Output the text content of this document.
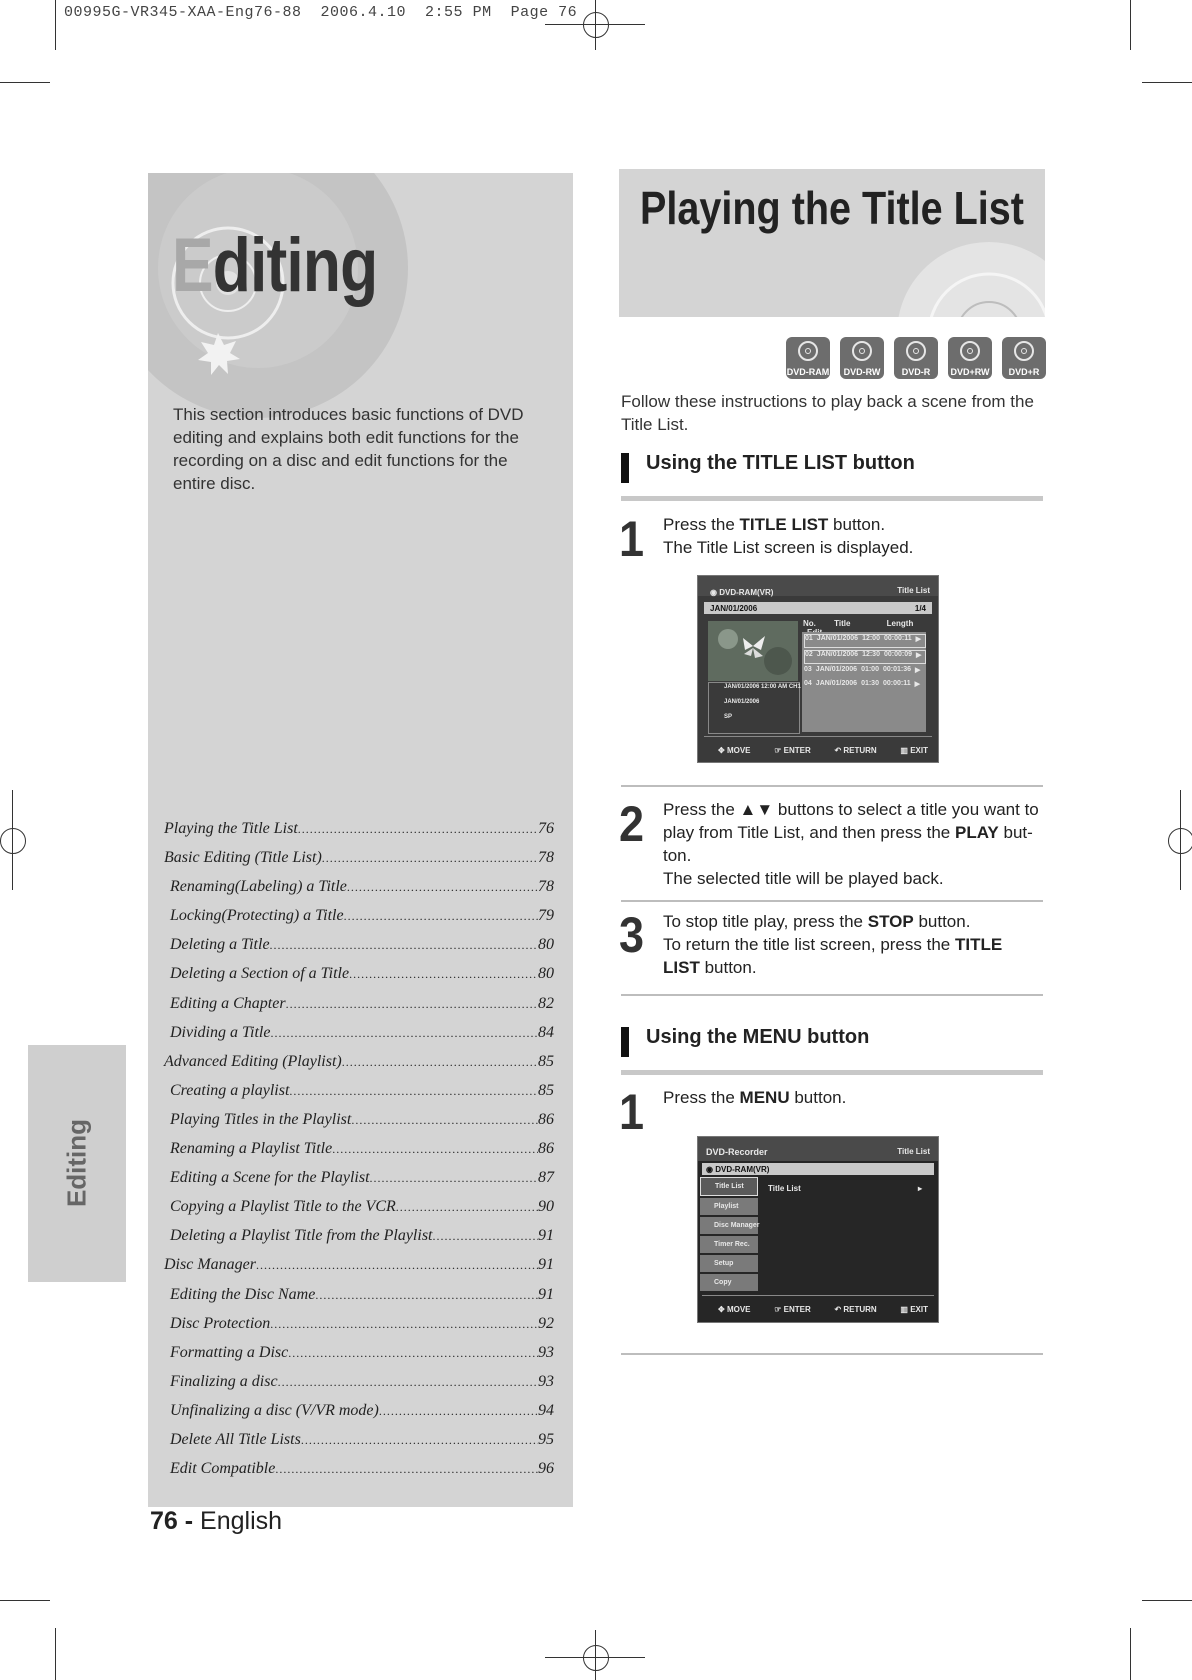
00995G-VR345-XAA-Eng76-88  2006.4.10  2:55 PM  Page 76
Editing
This section introduces basic functions of DVD editing and explains both edit functions for the recording on a disc and edit functions for the entire disc.
Playing the Title List .....	76
Basic Editing (Title List) .....	78
Renaming(Labeling) a Title .....	78
Locking(Protecting) a Title .....	79
Deleting a Title .....	80
Deleting a Section of a Title .....	80
Editing a Chapter .....	82
Dividing a Title .....	84
Advanced Editing (Playlist) .....	85
Creating a playlist .....	85
Playing Titles in the Playlist .....	86
Renaming a Playlist Title .....	86
Editing a Scene for the Playlist .....	87
Copying a Playlist Title to the VCR .....	90
Deleting a Playlist Title from the Playlist .....	91
Disc Manager .....	91
Editing the Disc Name .....	91
Disc Protection .....	92
Formatting a Disc .....	93
Finalizing a disc .....	93
Unfinalizing a disc (V/VR mode) .....	94
Delete All Title Lists .....	95
Edit Compatible .....	96
Editing
76 - English
Playing the Title List
DVD-RAM	DVD-RW	DVD-R	DVD+RW	DVD+R
Follow these instructions to play back a scene from the Title List.
Using the TITLE LIST button
1 Press the TITLE LIST button.
The Title List screen is displayed.
◉ DVD-RAM(VR)	Title List
JAN/01/2006	1/4
JAN/01/2006 12:00 AM CH1
JAN/01/2006
SP
No. Title	Length
01 JAN/01/2006 12:00 00:00:11 ▶
02 JAN/01/2006 12:30 00:00:09 ▶
03 JAN/01/2006 01:00 00:01:36 ▶
04 JAN/01/2006 01:30 00:00:11 ▶
✥ MOVE	☞ ENTER	↶ RETURN	▥ EXIT
2 Press the ▲▼ buttons to select a title you want to play from Title List, and then press the PLAY but-ton.
The selected title will be played back.
3 To stop title play, press the STOP button.
To return the title list screen, press the TITLE LIST button.
Using the MENU button
1 Press the MENU button.
DVD-Recorder	Title List
◉ DVD-RAM(VR)
Title List
Playlist
Disc Manager
Timer Rec.
Setup
Copy
Title List	▸
✥ MOVE	☞ ENTER	↶ RETURN	▥ EXIT
